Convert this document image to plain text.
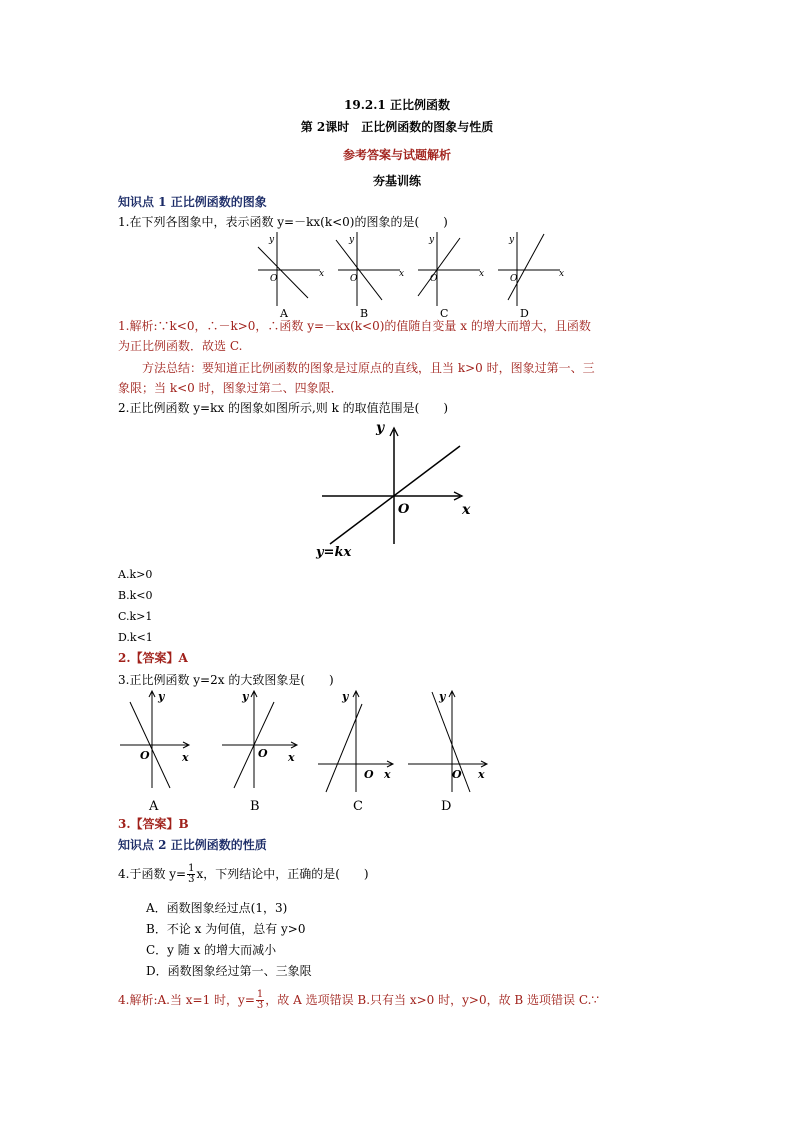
19.2.1 正比例函数
第 2课时　正比例函数的图象与性质
参考答案与试题解析
夯基训练
知识点 1 正比例函数的图象
1.在下列各图象中，表示函数 y=－kx(k<0)的图象的是(　　)
y
x
O
A
y
x
O
B
y
x
O
C
y
x
O
D
1.解析:∵k<0，∴－k>0，∴函数 y=－kx(k<0)的值随自变量 x 的增大而增大，且函数
为正比例函数．故选 C.
方法总结：要知道正比例函数的图象是过原点的直线，且当 k>0 时，图象过第一、三
象限；当 k<0 时，图象过第二、四象限．
2.正比例函数 y=kx 的图象如图所示,则 k 的取值范围是(　　)
y
x
O
y=kx
A.k>0
B.k<0
C.k>1
D.k<1
2.【答案】A
3.正比例函数 y=2x 的大致图象是(　　)
y
x
O
A
y
x
O
B
y
x
O
C
y
x
O
D
3.【答案】B
知识点 2 正比例函数的性质
4.于函数 $y= \frac{1}{3}$ x，下列结论中，正确的是(　　)
A．函数图象经过点(1，3)
B．不论 x 为何值，总有 y>0
C．y 随 x 的增大而减小
D．函数图象经过第一、三象限
4.解析:A.当 x=1 时，$y= \frac{1}{3}$ ，故 A 选项错误 B.只有当 x>0 时，y>0，故 B 选项错误 C.∵
